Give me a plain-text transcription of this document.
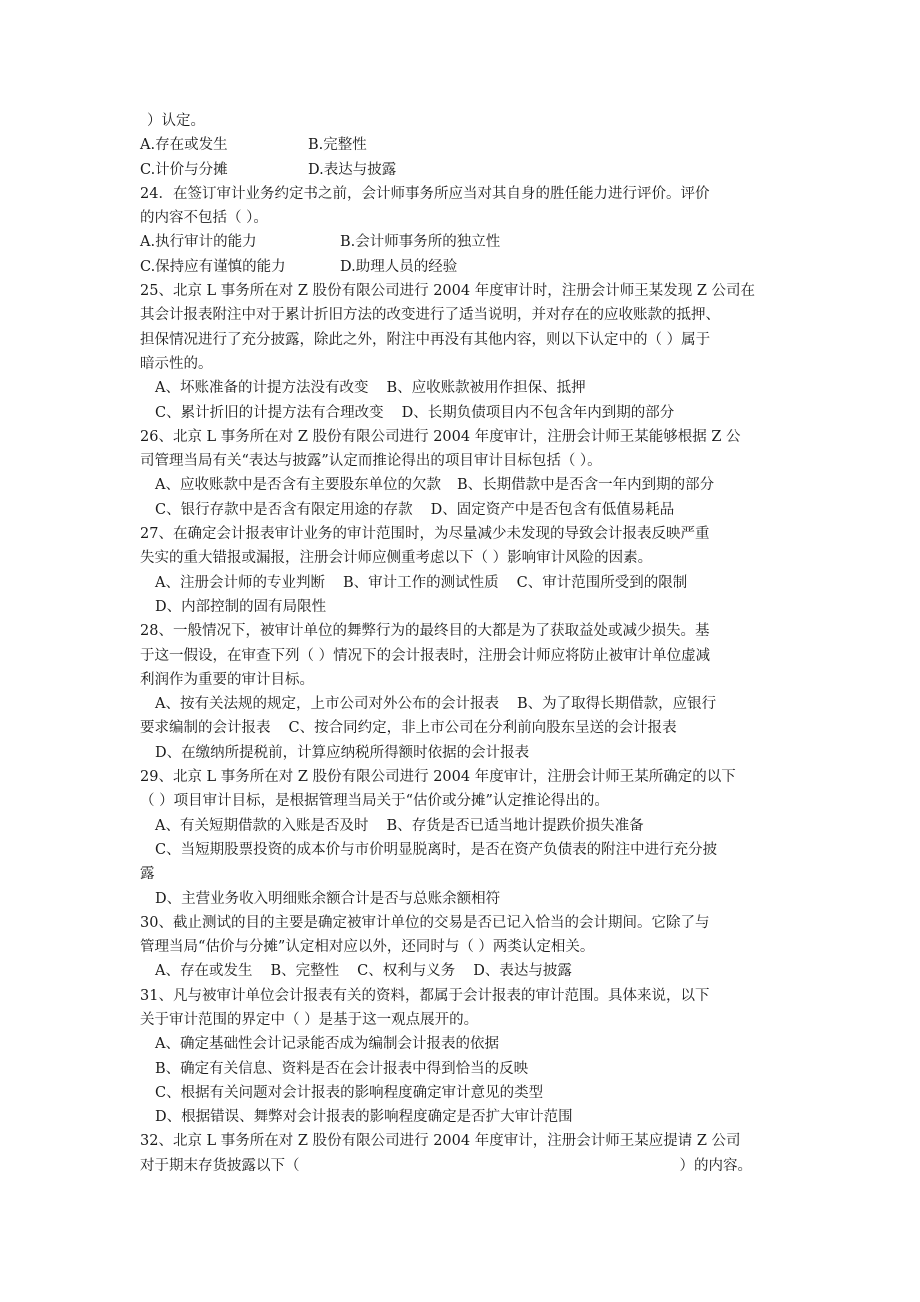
）认定。
A.存在或发生	B.完整性
C.计价与分摊	D.表达与披露
24．在签订审计业务约定书之前，会计师事务所应当对其自身的胜任能力进行评价。评价
的内容不包括（ ）。
A.执行审计的能力	B.会计师事务所的独立性
C.保持应有谨慎的能力	D.助理人员的经验
25、北京 L 事务所在对 Z 股份有限公司进行 2004 年度审计时，注册会计师王某发现 Z 公司在
其会计报表附注中对于累计折旧方法的改变进行了适当说明，并对存在的应收账款的抵押、
担保情况进行了充分披露，除此之外，附注中再没有其他内容，则以下认定中的（ ）属于
暗示性的。
A、坏账准备的计提方法没有改变 B、应收账款被用作担保、抵押
C、累计折旧的计提方法有合理改变 D、长期负债项目内不包含年内到期的部分
26、北京 L 事务所在对 Z 股份有限公司进行 2004 年度审计，注册会计师王某能够根据 Z 公
司管理当局有关“表达与披露”认定而推论得出的项目审计目标包括（ ）。
A、应收账款中是否含有主要股东单位的欠款 B、长期借款中是否含一年内到期的部分
C、银行存款中是否含有限定用途的存款 D、固定资产中是否包含有低值易耗品
27、在确定会计报表审计业务的审计范围时，为尽量减少未发现的导致会计报表反映严重
失实的重大错报或漏报，注册会计师应侧重考虑以下（ ）影响审计风险的因素。
A、注册会计师的专业判断 B、审计工作的测试性质 C、审计范围所受到的限制
D、内部控制的固有局限性
28、一般情况下，被审计单位的舞弊行为的最终目的大都是为了获取益处或减少损失。基
于这一假设，在审查下列（ ）情况下的会计报表时，注册会计师应将防止被审计单位虚减
利润作为重要的审计目标。
A、按有关法规的规定，上市公司对外公布的会计报表 B、为了取得长期借款，应银行
要求编制的会计报表 C、按合同约定，非上市公司在分利前向股东呈送的会计报表
D、在缴纳所提税前，计算应纳税所得额时依据的会计报表
29、北京 L 事务所在对 Z 股份有限公司进行 2004 年度审计，注册会计师王某所确定的以下
（ ）项目审计目标，是根据管理当局关于“估价或分摊”认定推论得出的。
A、有关短期借款的入账是否及时 B、存货是否已适当地计提跌价损失准备
C、当短期股票投资的成本价与市价明显脱离时，是否在资产负债表的附注中进行充分披
露
D、主营业务收入明细账余额合计是否与总账余额相符
30、截止测试的目的主要是确定被审计单位的交易是否已记入恰当的会计期间。它除了与
管理当局“估价与分摊”认定相对应以外，还同时与（ ）两类认定相关。
A、存在或发生 B、完整性 C、权利与义务 D、表达与披露
31、凡与被审计单位会计报表有关的资料，都属于会计报表的审计范围。具体来说，以下
关于审计范围的界定中（ ）是基于这一观点展开的。
A、确定基础性会计记录能否成为编制会计报表的依据
B、确定有关信息、资料是否在会计报表中得到恰当的反映
C、根据有关问题对会计报表的影响程度确定审计意见的类型
D、根据错误、舞弊对会计报表的影响程度确定是否扩大审计范围
32、北京 L 事务所在对 Z 股份有限公司进行 2004 年度审计，注册会计师王某应提请 Z 公司
对于期末存货披露以下（	）的内容。
